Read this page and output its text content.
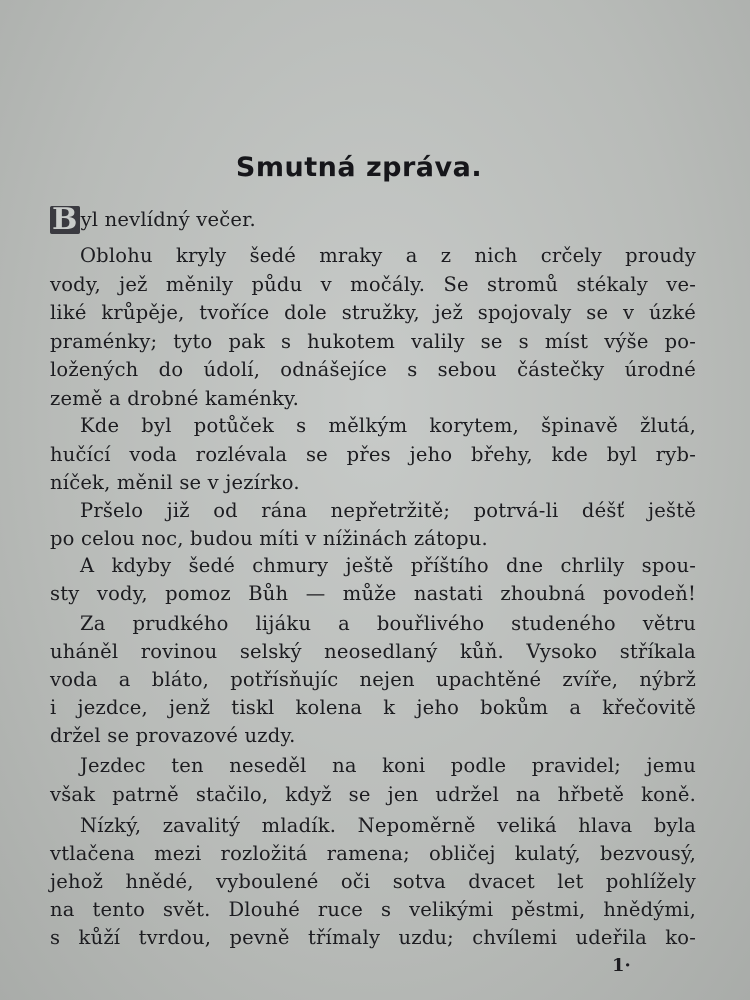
Smutná zpráva.
B yl nevlídný večer.
Oblohu kryly šedé mraky a z nich crčely proudy
vody, jež měnily půdu v močály. Se stromů stékaly ve-
liké krůpěje, tvoříce dole stružky, jež spojovaly se v úzké
praménky; tyto pak s hukotem valily se s míst výše po-
ložených do údolí, odnášejíce s sebou částečky úrodné
země a drobné kaménky.
Kde byl potůček s mělkým korytem, špinavě žlutá,
hučící voda rozlévala se přes jeho břehy, kde byl ryb-
níček, měnil se v jezírko.
Pršelo již od rána nepřetržitě; potrvá-li déšť ještě
po celou noc, budou míti v nížinách zátopu.
A kdyby šedé chmury ještě příštího dne chrlily spou-
sty vody, pomoz Bůh — může nastati zhoubná povodeň!
Za prudkého lijáku a bouřlivého studeného větru
uháněl rovinou selský neosedlaný kůň. Vysoko stříkala
voda a bláto, potřísňujíc nejen upachtěné zvíře, nýbrž
i jezdce, jenž tiskl kolena k jeho bokům a křečovitě
držel se provazové uzdy.
Jezdec ten neseděl na koni podle pravidel; jemu
však patrně stačilo, když se jen udržel na hřbetě koně.
Nízký, zavalitý mladík. Nepoměrně veliká hlava byla
vtlačena mezi rozložitá ramena; obličej kulatý, bezvousý,
jehož hnědé, vyboulené oči sotva dvacet let pohlížely
na tento svět. Dlouhé ruce s velikými pěstmi, hnědými,
s kůží tvrdou, pevně třímaly uzdu; chvílemi udeřila ko-
1·
